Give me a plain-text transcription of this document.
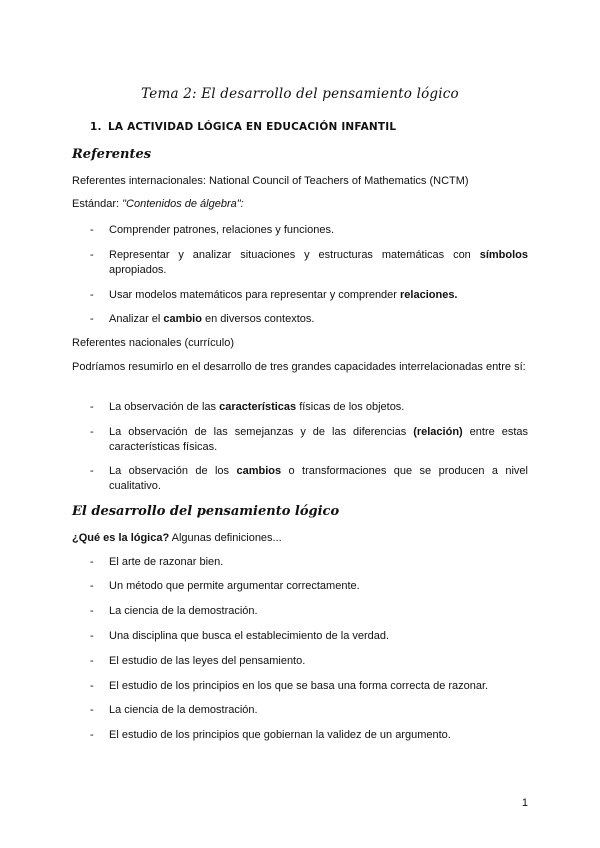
Tema 2: El desarrollo del pensamiento lógico
1. LA ACTIVIDAD LÓGICA EN EDUCACIÓN INFANTIL
Referentes
Referentes internacionales: National Council of Teachers of Mathematics (NCTM)
Estándar: "Contenidos de álgebra":
- Comprender patrones, relaciones y funciones.
- Representar y analizar situaciones y estructuras matemáticas con símbolos apropiados.
- Usar modelos matemáticos para representar y comprender relaciones.
- Analizar el cambio en diversos contextos.
Referentes nacionales (currículo)
Podríamos resumirlo en el desarrollo de tres grandes capacidades interrelacionadas entre sí:
- La observación de las características físicas de los objetos.
- La observación de las semejanzas y de las diferencias (relación) entre estas características físicas.
- La observación de los cambios o transformaciones que se producen a nivel cualitativo.
El desarrollo del pensamiento lógico
¿Qué es la lógica? Algunas definiciones...
- El arte de razonar bien.
- Un método que permite argumentar correctamente.
- La ciencia de la demostración.
- Una disciplina que busca el establecimiento de la verdad.
- El estudio de las leyes del pensamiento.
- El estudio de los principios en los que se basa una forma correcta de razonar.
- La ciencia de la demostración.
- El estudio de los principios que gobiernan la validez de un argumento.
1
